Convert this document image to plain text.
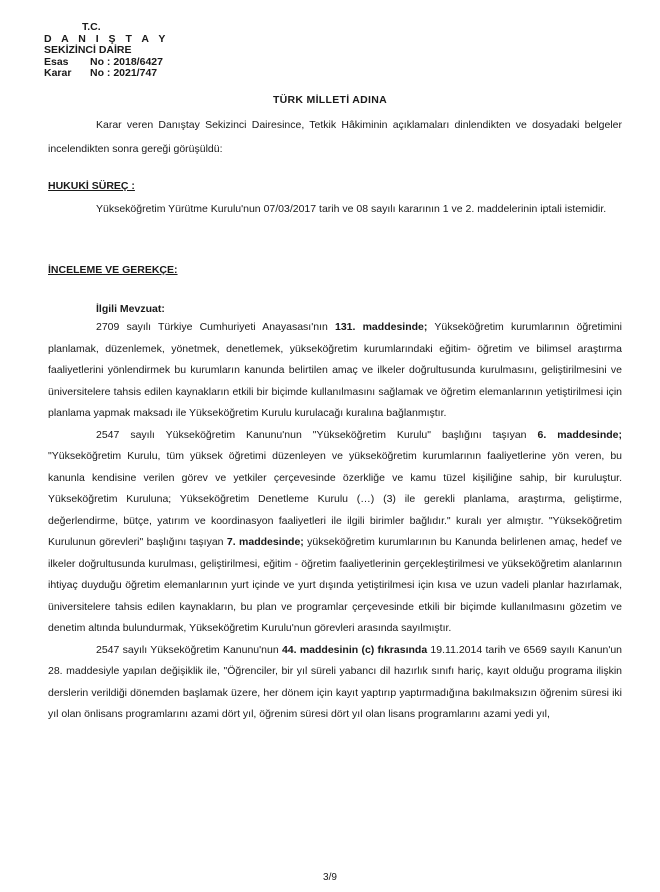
T.C.
D A N I Ş T A Y
SEKİZİNCİ DAİRE
Esas	No : 2018/6427
Karar	No : 2021/747
TÜRK MİLLETİ ADINA

Karar veren Danıştay Sekizinci Dairesince, Tetkik Hâkiminin açıklamaları dinlendikten ve dosyadaki belgeler incelendikten sonra gereği görüşüldü:

HUKUKİ SÜREÇ :

Yükseköğretim Yürütme Kurulu'nun 07/03/2017 tarih ve 08 sayılı kararının 1 ve 2. maddelerinin iptali istemidir.

İNCELEME VE GEREKÇE:
İlgili Mevzuat:

2709 sayılı Türkiye Cumhuriyeti Anayasası'nın 131. maddesinde; Yükseköğretim kurumlarının öğretimini planlamak, düzenlemek, yönetmek, denetlemek, yükseköğretim kurumlarındaki eğitim- öğretim ve bilimsel araştırma faaliyetlerini yönlendirmek bu kurumların kanunda belirtilen amaç ve ilkeler doğrultusunda kurulmasını, geliştirilmesini ve üniversitelere tahsis edilen kaynakların etkili bir biçimde kullanılmasını sağlamak ve öğretim elemanlarının yetiştirilmesi için planlama yapmak maksadı ile Yükseköğretim Kurulu kurulacağı kuralına bağlanmıştır.

2547 sayılı Yükseköğretim Kanunu'nun "Yükseköğretim Kurulu" başlığını taşıyan 6. maddesinde; "Yükseköğretim Kurulu, tüm yüksek öğretimi düzenleyen ve yükseköğretim kurumlarının faaliyetlerine yön veren, bu kanunla kendisine verilen görev ve yetkiler çerçevesinde özerkliğe ve kamu tüzel kişiliğine sahip, bir kuruluştur. Yükseköğretim Kuruluna; Yükseköğretim Denetleme Kurulu (…) (3) ile gerekli planlama, araştırma, geliştirme, değerlendirme, bütçe, yatırım ve koordinasyon faaliyetleri ile ilgili birimler bağlıdır." kuralı yer almıştır. "Yükseköğretim Kurulunun görevleri" başlığını taşıyan 7. maddesinde; yükseköğretim kurumlarının bu Kanunda belirlenen amaç, hedef ve ilkeler doğrultusunda kurulması, geliştirilmesi, eğitim - öğretim faaliyetlerinin gerçekleştirilmesi ve yükseköğretim alanlarının ihtiyaç duyduğu öğretim elemanlarının yurt içinde ve yurt dışında yetiştirilmesi için kısa ve uzun vadeli planlar hazırlamak, üniversitelere tahsis edilen kaynakların, bu plan ve programlar çerçevesinde etkili bir biçimde kullanılmasını gözetim ve denetim altında bulundurmak, Yükseköğretim Kurulu'nun görevleri arasında sayılmıştır.

2547 sayılı Yükseköğretim Kanunu'nun 44. maddesinin (c) fıkrasında 19.11.2014 tarih ve 6569 sayılı Kanun'un 28. maddesiyle yapılan değişiklik ile, "Öğrenciler, bir yıl süreli yabancı dil hazırlık sınıfı hariç, kayıt olduğu programa ilişkin derslerin verildiği dönemden başlamak üzere, her dönem için kayıt yaptırıp yaptırmadığına bakılmaksızın öğrenim süresi iki yıl olan önlisans programlarını azami dört yıl, öğrenim süresi dört yıl olan lisans programlarını azami yedi yıl,

3/9
